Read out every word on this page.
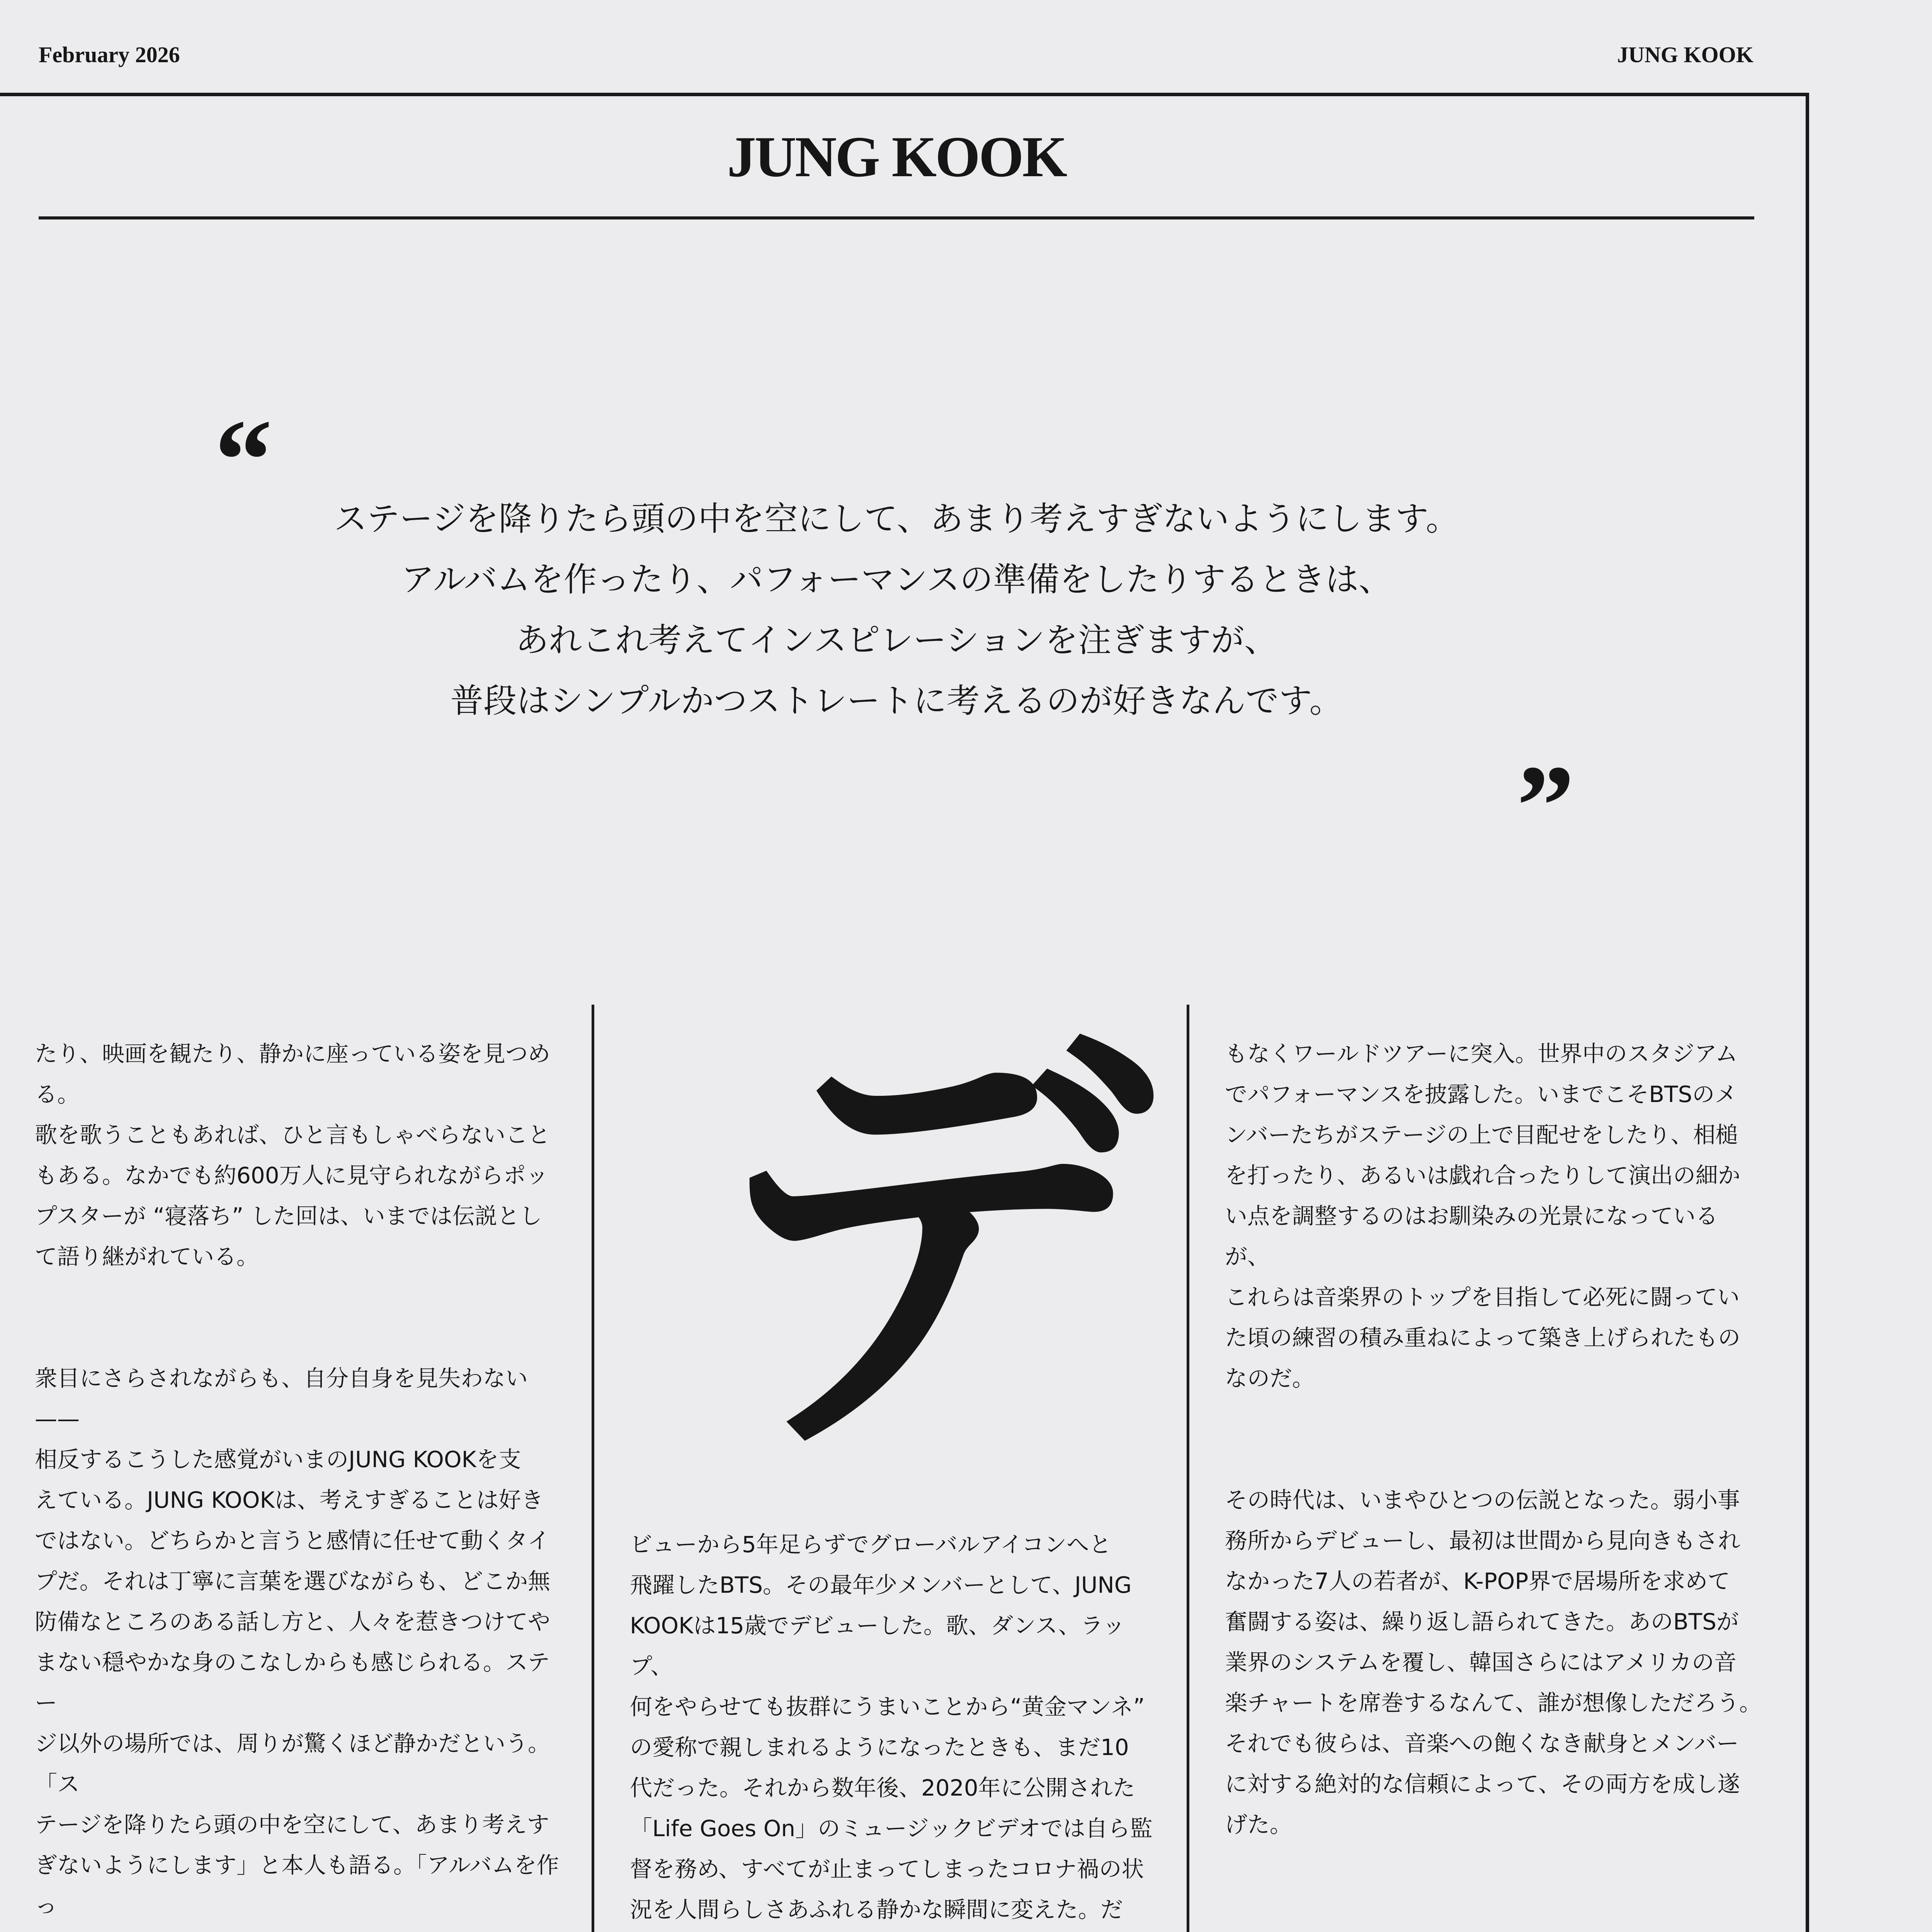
February 2026	JUNG KOOK
JUNG KOOK
“	ステージを降りたら頭の中を空にして、あまり考えすぎないようにします。
アルバムを作ったり、パフォーマンスの準備をしたりするときは、
あれこれ考えてインスピレーションを注ぎますが、
普段はシンプルかつストレートに考えるのが好きなんです。
”

たり、映画を観たり、静かに座っている姿を見つめる。
歌を歌うこともあれば、ひと言もしゃべらないこと
もある。なかでも約600万人に見守られながらポッ
プスターが “寝落ち” した回は、いまでは伝説とし
て語り継がれている。

衆目にさらされながらも、自分自身を見失わない——
相反するこうした感覚がいまのJUNG KOOKを支
えている。JUNG KOOKは、考えすぎることは好き
ではない。どちらかと言うと感情に任せて動くタイ
プだ。それは丁寧に言葉を選びながらも、どこか無
防備なところのある話し方と、人々を惹きつけてや
まない穏やかな身のこなしからも感じられる。ステー
ジ以外の場所では、周りが驚くほど静かだという。「ス
テージを降りたら頭の中を空にして、あまり考えす
ぎないようにします」と本人も語る。「アルバムを作っ

デ

ビューから5年足らずでグローバルアイコンへと
飛躍したBTS。その最年少メンバーとして、JUNG
KOOKは15歳でデビューした。歌、ダンス、ラップ、
何をやらせても抜群にうまいことから“黄金マンネ”
の愛称で親しまれるようになったときも、まだ10
代だった。それから数年後、2020年に公開された
「Life Goes On」のミュージックビデオでは自ら監
督を務め、すべてが止まってしまったコロナ禍の状
況を人間らしさあふれる静かな瞬間に変えた。だ

もなくワールドツアーに突入。世界中のスタジアム
でパフォーマンスを披露した。いまでこそBTSのメ
ンバーたちがステージの上で目配せをしたり、相槌
を打ったり、あるいは戯れ合ったりして演出の細か
い点を調整するのはお馴染みの光景になっているが、
これらは音楽界のトップを目指して必死に闘ってい
た頃の練習の積み重ねによって築き上げられたもの
なのだ。

その時代は、いまやひとつの伝説となった。弱小事
務所からデビューし、最初は世間から見向きもされ
なかった7人の若者が、K-POP界で居場所を求めて
奮闘する姿は、繰り返し語られてきた。あのBTSが
業界のシステムを覆し、韓国さらにはアメリカの音
楽チャートを席巻するなんて、誰が想像しただろう。
それでも彼らは、音楽への飽くなき献身とメンバー
に対する絶対的な信頼によって、その両方を成し遂
げた。
